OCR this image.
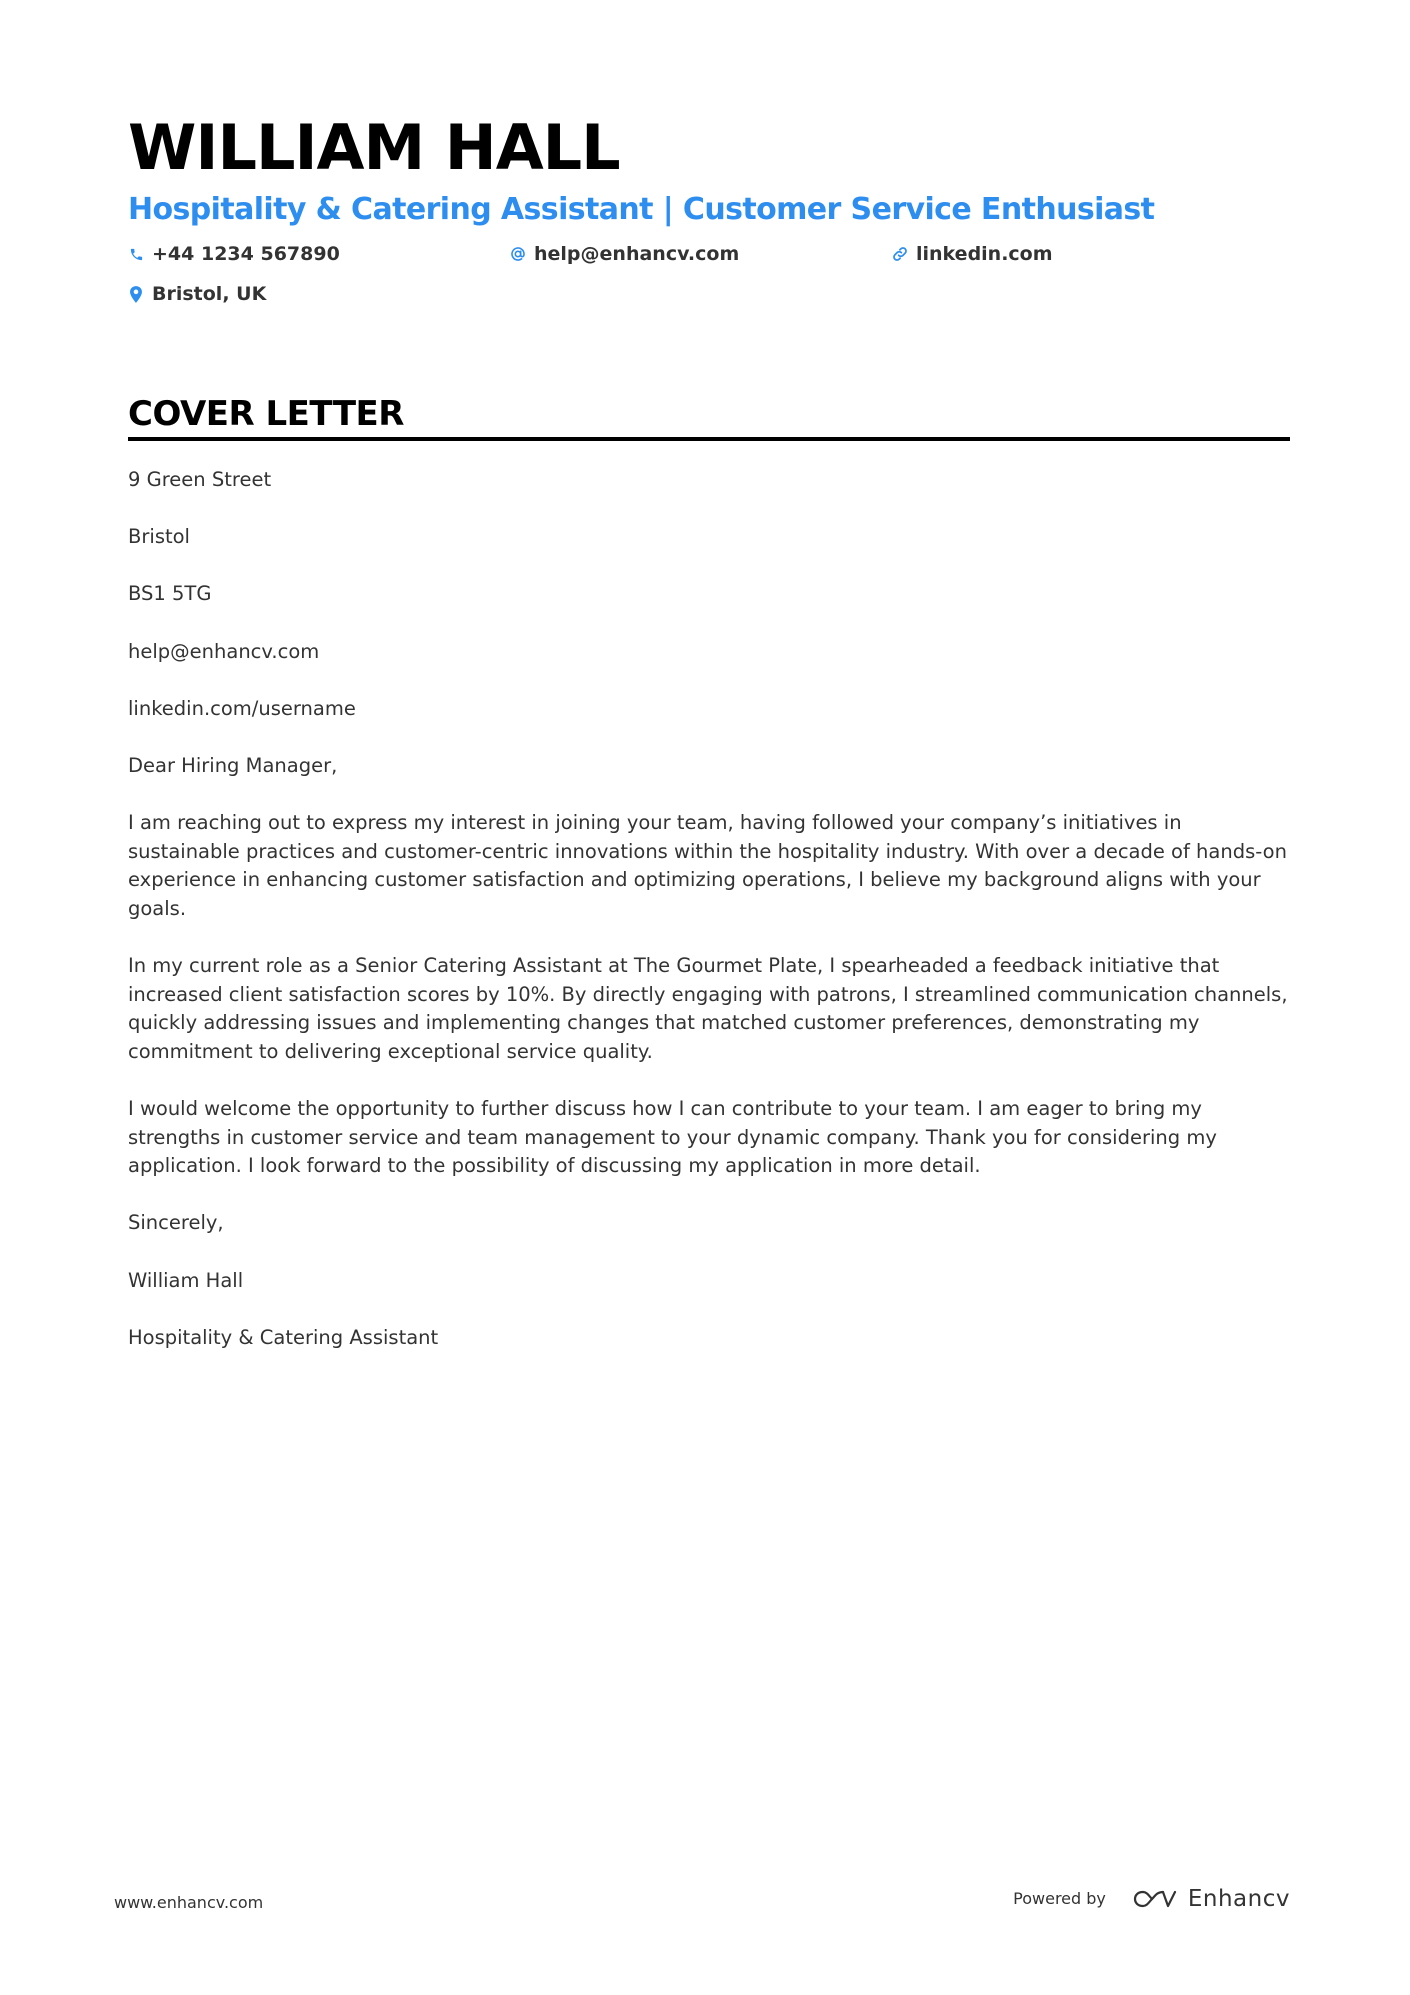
WILLIAM HALL
Hospitality & Catering Assistant | Customer Service Enthusiast
+44 1234 567890	help@enhancv.com	linkedin.com
Bristol, UK
COVER LETTER

9 Green Street

Bristol

BS1 5TG

help@enhancv.com

linkedin.com/username

Dear Hiring Manager,

I am reaching out to express my interest in joining your team, having followed your company’s initiatives in sustainable practices and customer-centric innovations within the hospitality industry. With over a decade of hands-on experience in enhancing customer satisfaction and optimizing operations, I believe my background aligns with your goals.

In my current role as a Senior Catering Assistant at The Gourmet Plate, I spearheaded a feedback initiative that increased client satisfaction scores by 10%. By directly engaging with patrons, I streamlined communication channels, quickly addressing issues and implementing changes that matched customer preferences, demonstrating my commitment to delivering exceptional service quality.

I would welcome the opportunity to further discuss how I can contribute to your team. I am eager to bring my strengths in customer service and team management to your dynamic company. Thank you for considering my application. I look forward to the possibility of discussing my application in more detail.

Sincerely,

William Hall

Hospitality & Catering Assistant

www.enhancv.com	Powered by	Enhancv
